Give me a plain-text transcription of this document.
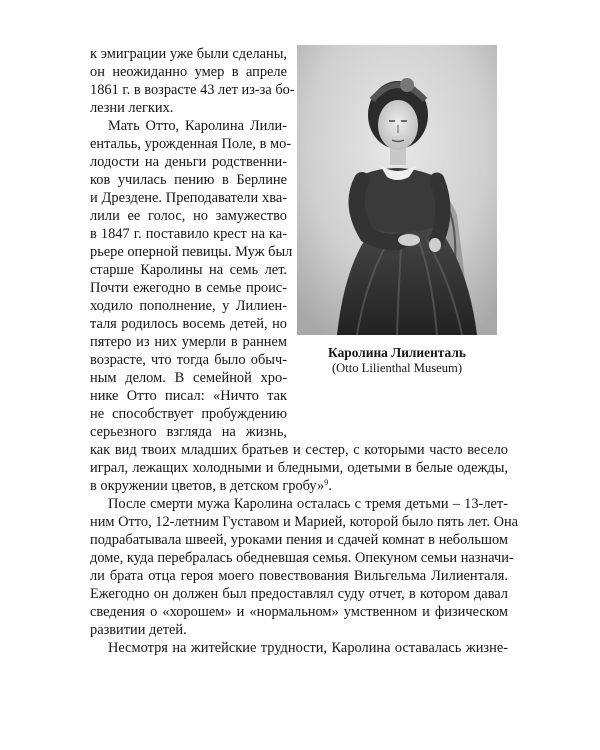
к эмиграции уже были сделаны,
он неожиданно умер в апреле
1861 г. в возрасте 43 лет из-за бо-
лезни легких.
Мать Отто, Каролина Лили-
ентальь, урожденная Поле, в мо-
лодости на деньги родственни-
ков училась пению в Берлине
и Дрездене. Преподаватели хва-
лили ее голос, но замужество
в 1847 г. поставило крест на ка-
рьере оперной певицы. Муж был
старше Каролины на семь лет.
Почти ежегодно в семье проис-
ходило пополнение, у Лилиен-
таля родилось восемь детей, но
пятеро из них умерли в раннем
возрасте, что тогда было обыч-
ным делом. В семейной хро-
нике Отто писал: «Ничто так
не способствует пробуждению
серьезного взгляда на жизнь,
как вид твоих младших братьев и сестер, с которыми часто весело
играл, лежащих холодными и бледными, одетыми в белые одежды,
в окружении цветов, в детском гробу»$^9$.
После смерти мужа Каролина осталась с тремя детьми – 13-лет-
ним Отто, 12-летним Густавом и Марией, которой было пять лет. Она
подрабатывала швеей, уроками пения и сдачей комнат в небольшом
доме, куда перебралась обедневшая семья. Опекуном семьи назначи-
ли брата отца героя моего повествования Вильгельма Лилиенталя.
Ежегодно он должен был предоставлял суду отчет, в котором давал
сведения о «хорошем» и «нормальном» умственном и физическом
развитии детей.
Каролина Лилиенталь
(Otto Lilienthal Museum)
Несмотря на житейские трудности, Каролина оставалась жизне-
